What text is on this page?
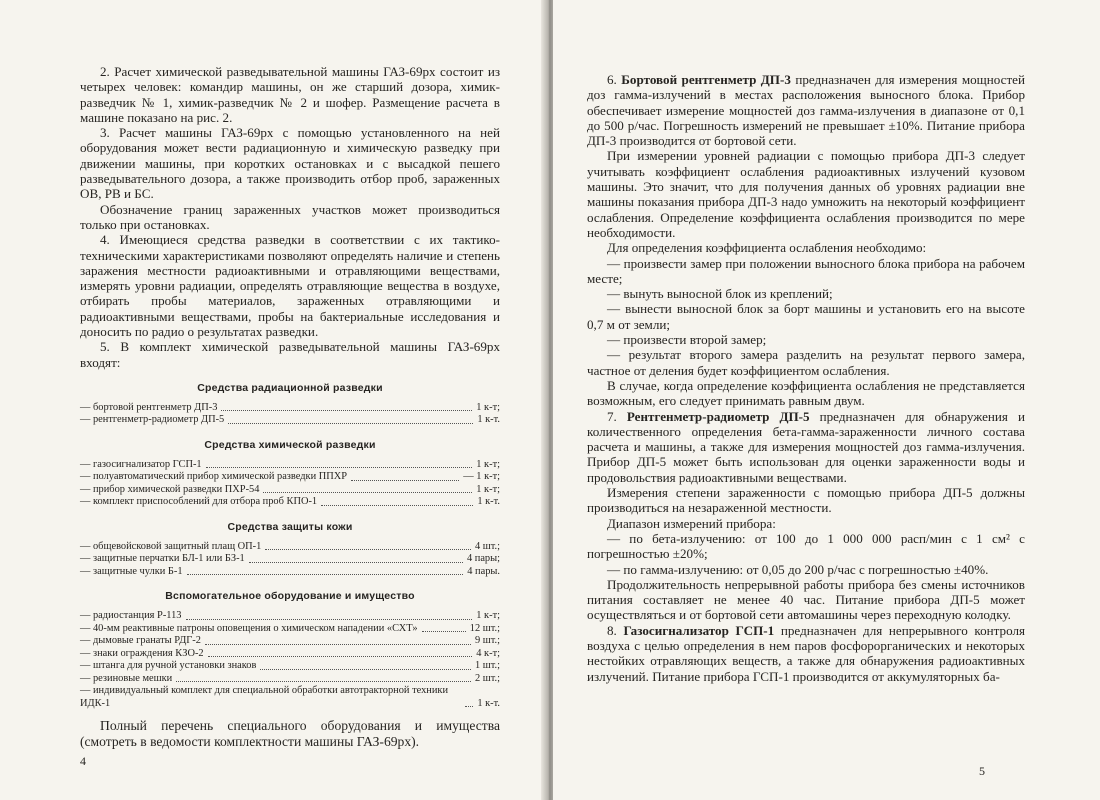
2. Расчет химической разведывательной машины ГАЗ-69рх состоит из четырех человек: командир машины, он же старший дозора, химик-разведчик № 1, химик-разведчик № 2 и шофер. Размещение расчета в машине показано на рис. 2.

3. Расчет машины ГАЗ-69рх с помощью установленного на ней оборудования может вести радиационную и химическую разведку при движении машины, при коротких остановках и с высадкой пешего разведывательного дозора, а также производить отбор проб, зараженных ОВ, РВ и БС.

Обозначение границ зараженных участков может производиться только при остановках.

4. Имеющиеся средства разведки в соответствии с их тактико-техническими характеристиками позволяют определять наличие и степень заражения местности радиоактивными и отравляющими веществами, измерять уровни радиации, определять отравляющие вещества в воздухе, отбирать пробы материалов, зараженных отравляющими и радиоактивными веществами, пробы на бактериальные исследования и доносить по радио о результатах разведки.

5. В комплект химической разведывательной машины ГАЗ-69рх входят:

Средства радиационной разведки
— бортовой рентгенметр ДП-3	1 к-т;
— рентгенметр-радиометр ДП-5	1 к-т.
Средства химической разведки
— газосигнализатор ГСП-1	1 к-т;
— полуавтоматический прибор химической разведки ППХР	— 1 к-т;
— прибор химической разведки ПХР-54	1 к-т;
— комплект приспособлений для отбора проб КПО-1	1 к-т.
Средства защиты кожи
— общевойсковой защитный плащ ОП-1	4 шт.;
— защитные перчатки БЛ-1 или БЗ-1	4 пары;
— защитные чулки Б-1	4 пары.
Вспомогательное оборудование и имущество
— радиостанция Р-113	1 к-т;
— 40-мм реактивные патроны оповещения о химическом нападении «СХТ»	12 шт.;
— дымовые гранаты РДГ-2	9 шт.;
— знаки ограждения КЗО-2	4 к-т;
— штанга для ручной установки знаков	1 шт.;
— резиновые мешки	2 шт.;
— индивидуальный комплект для специальной обработки автотракторной техники ИДК-1	1 к-т.

Полный перечень специального оборудования и имущества (смотреть в ведомости комплектности машины ГАЗ-69рх).

4

6. Бортовой рентгенметр ДП-3 предназначен для измерения мощностей доз гамма-излучений в местах расположения выносного блока. Прибор обеспечивает измерение мощностей доз гамма-излучения в диапазоне от 0,1 до 500 р/час. Погрешность измерений не превышает ±10%. Питание прибора ДП-3 производится от бортовой сети.

При измерении уровней радиации с помощью прибора ДП-3 следует учитывать коэффициент ослабления радиоактивных излучений кузовом машины. Это значит, что для получения данных об уровнях радиации вне машины показания прибора ДП-3 надо умножить на некоторый коэффициент ослабления. Определение коэффициента ослабления производится по мере необходимости.

Для определения коэффициента ослабления необходимо:

— произвести замер при положении выносного блока прибора на рабочем месте;

— вынуть выносной блок из креплений;

— вынести выносной блок за борт машины и установить его на высоте 0,7 м от земли;

— произвести второй замер;

— результат второго замера разделить на результат первого замера, частное от деления будет коэффициентом ослабления.

В случае, когда определение коэффициента ослабления не представляется возможным, его следует принимать равным двум.

7. Рентгенметр-радиометр ДП-5 предназначен для обнаружения и количественного определения бета-гамма-зараженности личного состава расчета и машины, а также для измерения мощностей доз гамма-излучения. Прибор ДП-5 может быть использован для оценки зараженности воды и продовольствия радиоактивными веществами.

Измерения степени зараженности с помощью прибора ДП-5 должны производиться на незараженной местности.

Диапазон измерений прибора:

— по бета-излучению: от 100 до 1 000 000 расп/мин с 1 см² с погрешностью ±20%;

— по гамма-излучению: от 0,05 до 200 р/час с погрешностью ±40%.

Продолжительность непрерывной работы прибора без смены источников питания составляет не менее 40 час. Питание прибора ДП-5 может осуществляться и от бортовой сети автомашины через переходную колодку.

8. Газосигнализатор ГСП-1 предназначен для непрерывного контроля воздуха с целью определения в нем паров фосфорорганических и некоторых нестойких отравляющих веществ, а также для обнаружения радиоактивных излучений. Питание прибора ГСП-1 производится от аккумуляторных ба-

5
